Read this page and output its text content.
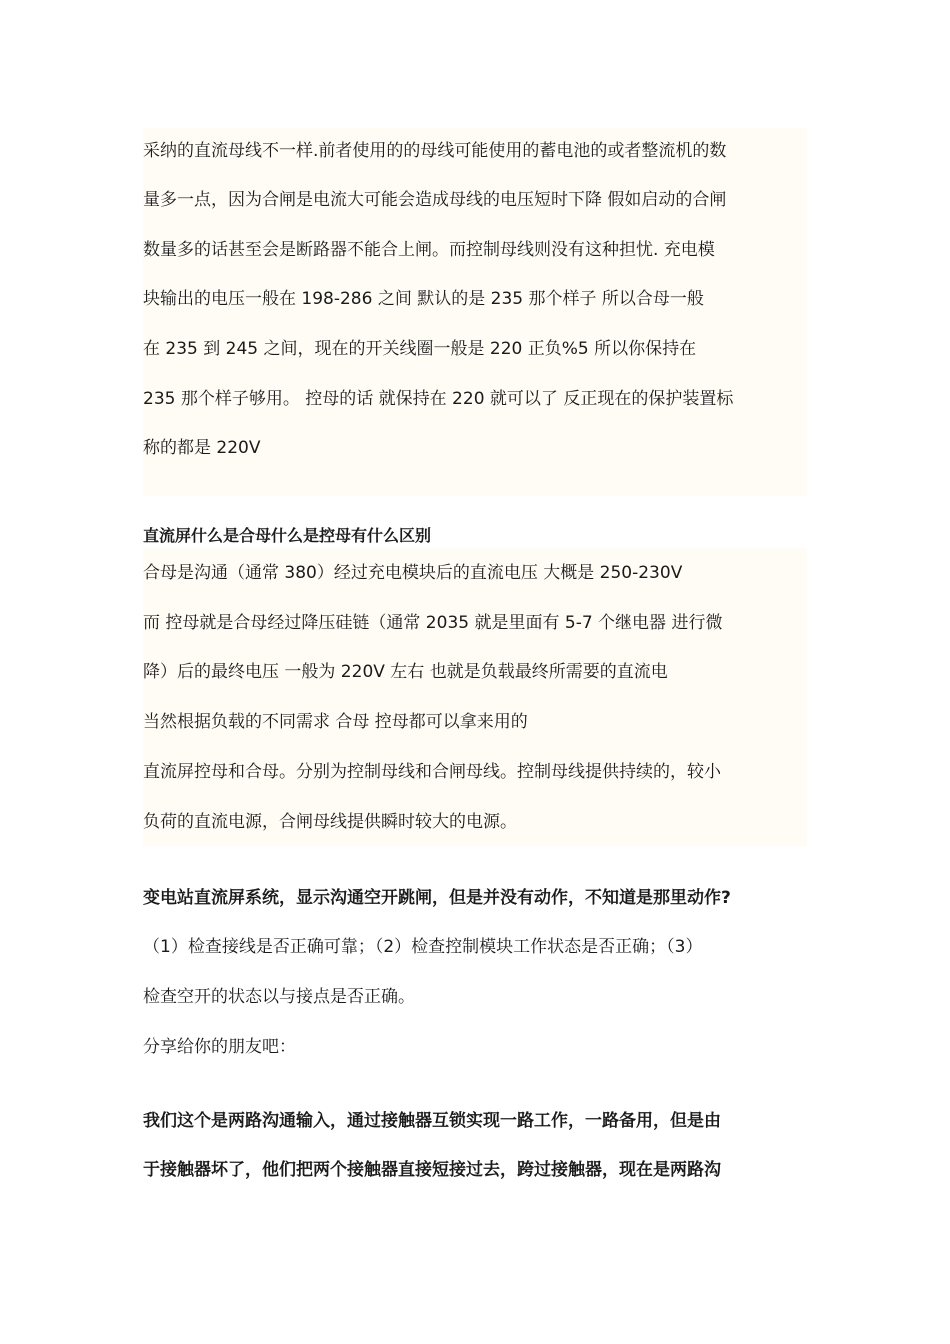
采纳的直流母线不一样.前者使用的的母线可能使用的蓄电池的或者整流机的数
量多一点，因为合闸是电流大可能会造成母线的电压短时下降 假如启动的合闸
数量多的话甚至会是断路器不能合上闸。而控制母线则没有这种担忧. 充电模
块输出的电压一般在 198-286 之间 默认的是 235 那个样子 所以合母一般
在 235 到 245 之间，现在的开关线圈一般是 220 正负%5 所以你保持在
235 那个样子够用。 控母的话 就保持在 220 就可以了 反正现在的保护装置标
称的都是 220V
直流屏什么是合母什么是控母有什么区别
合母是沟通（通常 380）经过充电模块后的直流电压 大概是 250-230V
而 控母就是合母经过降压硅链（通常 2035 就是里面有 5-7 个继电器 进行微
降）后的最终电压 一般为 220V 左右 也就是负载最终所需要的直流电
当然根据负载的不同需求 合母 控母都可以拿来用的
直流屏控母和合母。分别为控制母线和合闸母线。控制母线提供持续的，较小
负荷的直流电源，合闸母线提供瞬时较大的电源。
变电站直流屏系统，显示沟通空开跳闸，但是并没有动作，不知道是那里动作?
（1）检查接线是否正确可靠；（2）检查控制模块工作状态是否正确；（3）
检查空开的状态以与接点是否正确。
分享给你的朋友吧：
我们这个是两路沟通输入，通过接触器互锁实现一路工作，一路备用，但是由
于接触器坏了，他们把两个接触器直接短接过去，跨过接触器，现在是两路沟
